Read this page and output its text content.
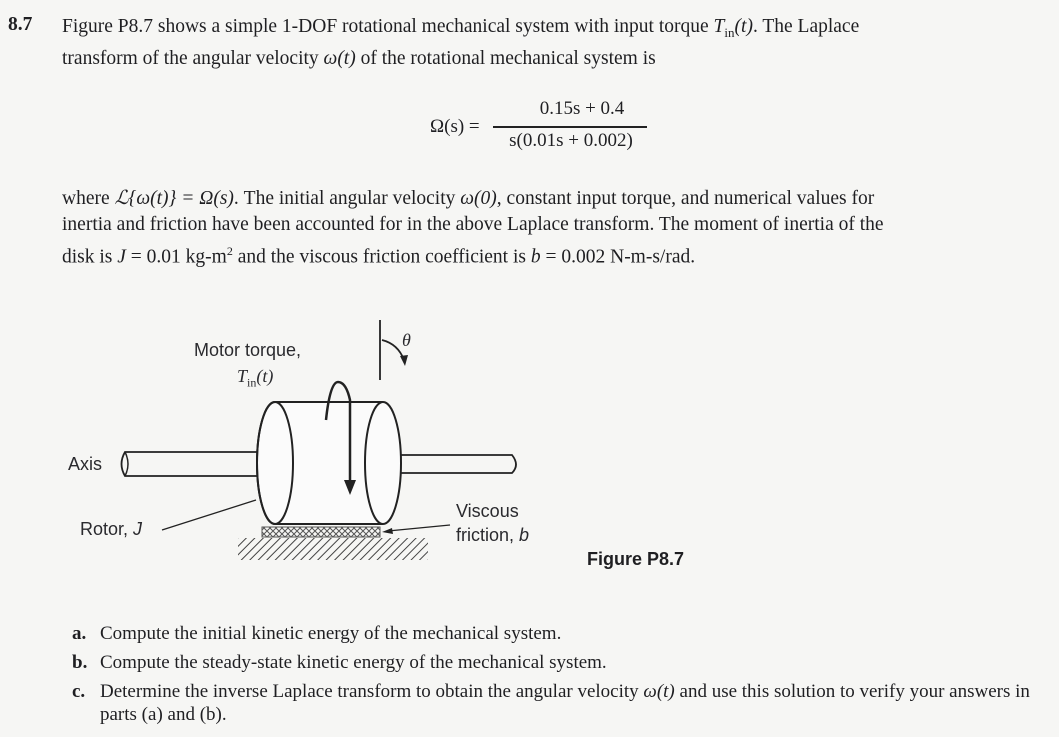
8.7 Figure P8.7 shows a simple 1-DOF rotational mechanical system with input torque $T_{in}(t)$. The Laplace
transform of the angular velocity ω(t) of the rotational mechanical system is
Ω(s) =
0.15s + 0.4
s(0.01s + 0.002)
where ℒ{ω(t)} = Ω(s). The initial angular velocity ω(0), constant input torque, and numerical values for
inertia and friction have been accounted for in the above Laplace transform. The moment of inertia of the
disk is J = 0.01 $kg-m^2$ and the viscous friction coefficient is b = 0.002 N-m-s/rad.
Motor torque,
$T_{in}(t)$
θ
Axis
Rotor, J
Viscous
friction, b
Figure P8.7
a. Compute the initial kinetic energy of the mechanical system.
b. Compute the steady-state kinetic energy of the mechanical system.
c. Determine the inverse Laplace transform to obtain the angular velocity ω(t) and use this solution to verify your answers in parts (a) and (b).
